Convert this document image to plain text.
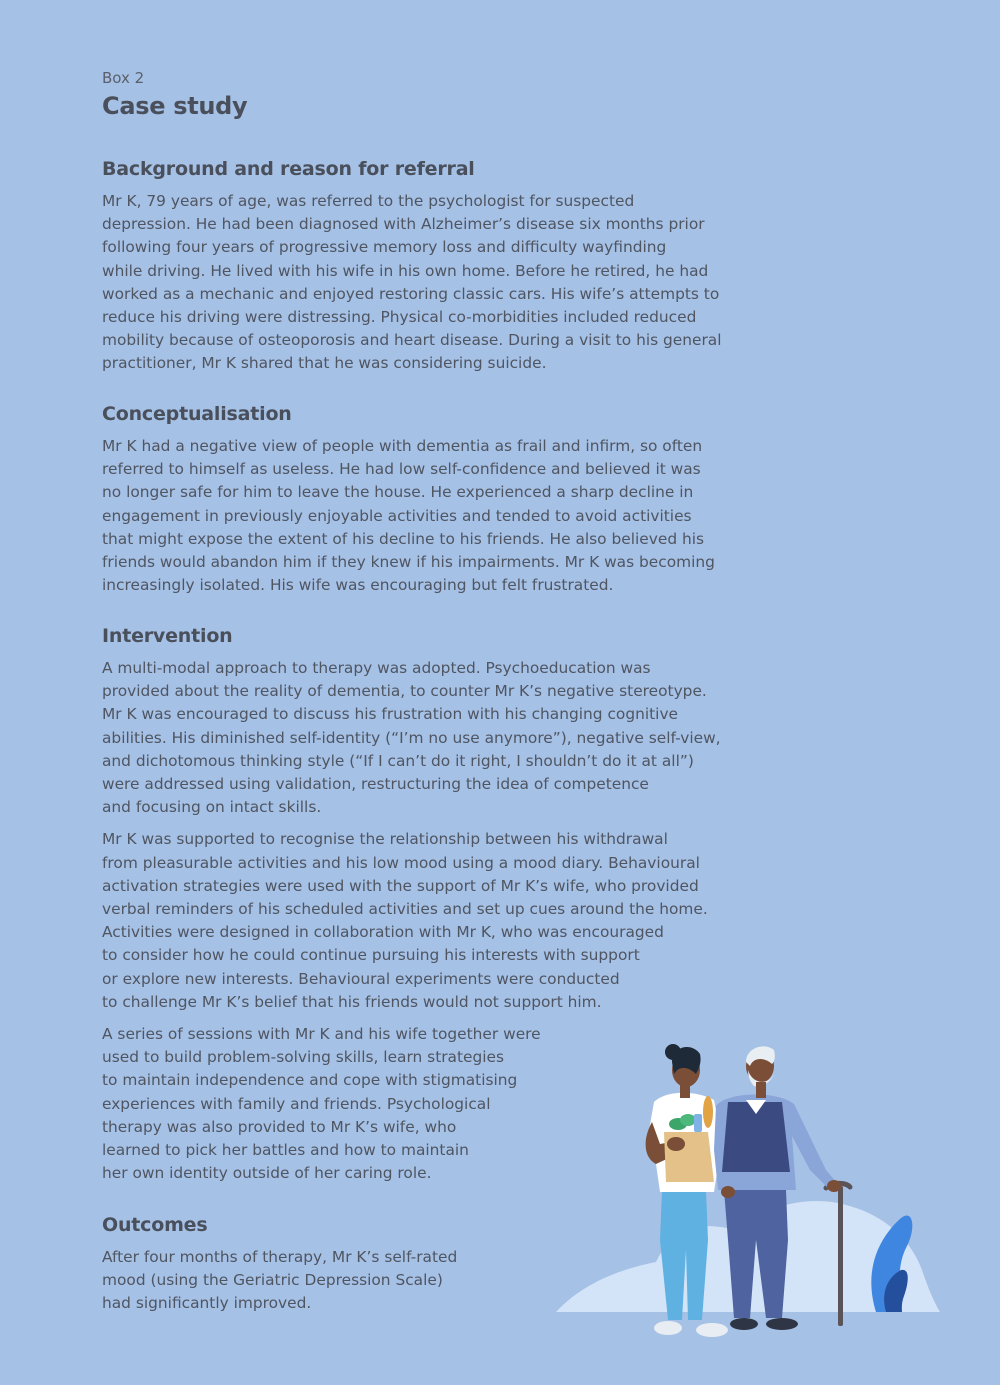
Box 2

Case study
Background and reason for referral

Mr K, 79 years of age, was referred to the psychologist for suspected
depression. He had been diagnosed with Alzheimer’s disease six months prior
following four years of progressive memory loss and difficulty wayfinding
while driving. He lived with his wife in his own home. Before he retired, he had
worked as a mechanic and enjoyed restoring classic cars. His wife’s attempts to
reduce his driving were distressing. Physical co-morbidities included reduced
mobility because of osteoporosis and heart disease. During a visit to his general
practitioner, Mr K shared that he was considering suicide.

Conceptualisation

Mr K had a negative view of people with dementia as frail and infirm, so often
referred to himself as useless. He had low self-confidence and believed it was
no longer safe for him to leave the house. He experienced a sharp decline in
engagement in previously enjoyable activities and tended to avoid activities
that might expose the extent of his decline to his friends. He also believed his
friends would abandon him if they knew if his impairments. Mr K was becoming
increasingly isolated. His wife was encouraging but felt frustrated.

Intervention

A multi-modal approach to therapy was adopted. Psychoeducation was
provided about the reality of dementia, to counter Mr K’s negative stereotype.
Mr K was encouraged to discuss his frustration with his changing cognitive
abilities. His diminished self-identity (“I’m no use anymore”), negative self-view,
and dichotomous thinking style (“If I can’t do it right, I shouldn’t do it at all”)
were addressed using validation, restructuring the idea of competence
and focusing on intact skills.

Mr K was supported to recognise the relationship between his withdrawal
from pleasurable activities and his low mood using a mood diary. Behavioural
activation strategies were used with the support of Mr K’s wife, who provided
verbal reminders of his scheduled activities and set up cues around the home.
Activities were designed in collaboration with Mr K, who was encouraged
to consider how he could continue pursuing his interests with support
or explore new interests. Behavioural experiments were conducted
to challenge Mr K’s belief that his friends would not support him.

A series of sessions with Mr K and his wife together were
used to build problem-solving skills, learn strategies
to maintain independence and cope with stigmatising
experiences with family and friends. Psychological
therapy was also provided to Mr K’s wife, who
learned to pick her battles and how to maintain
her own identity outside of her caring role.

Outcomes

After four months of therapy, Mr K’s self-rated
mood (using the Geriatric Depression Scale)
had significantly improved.
